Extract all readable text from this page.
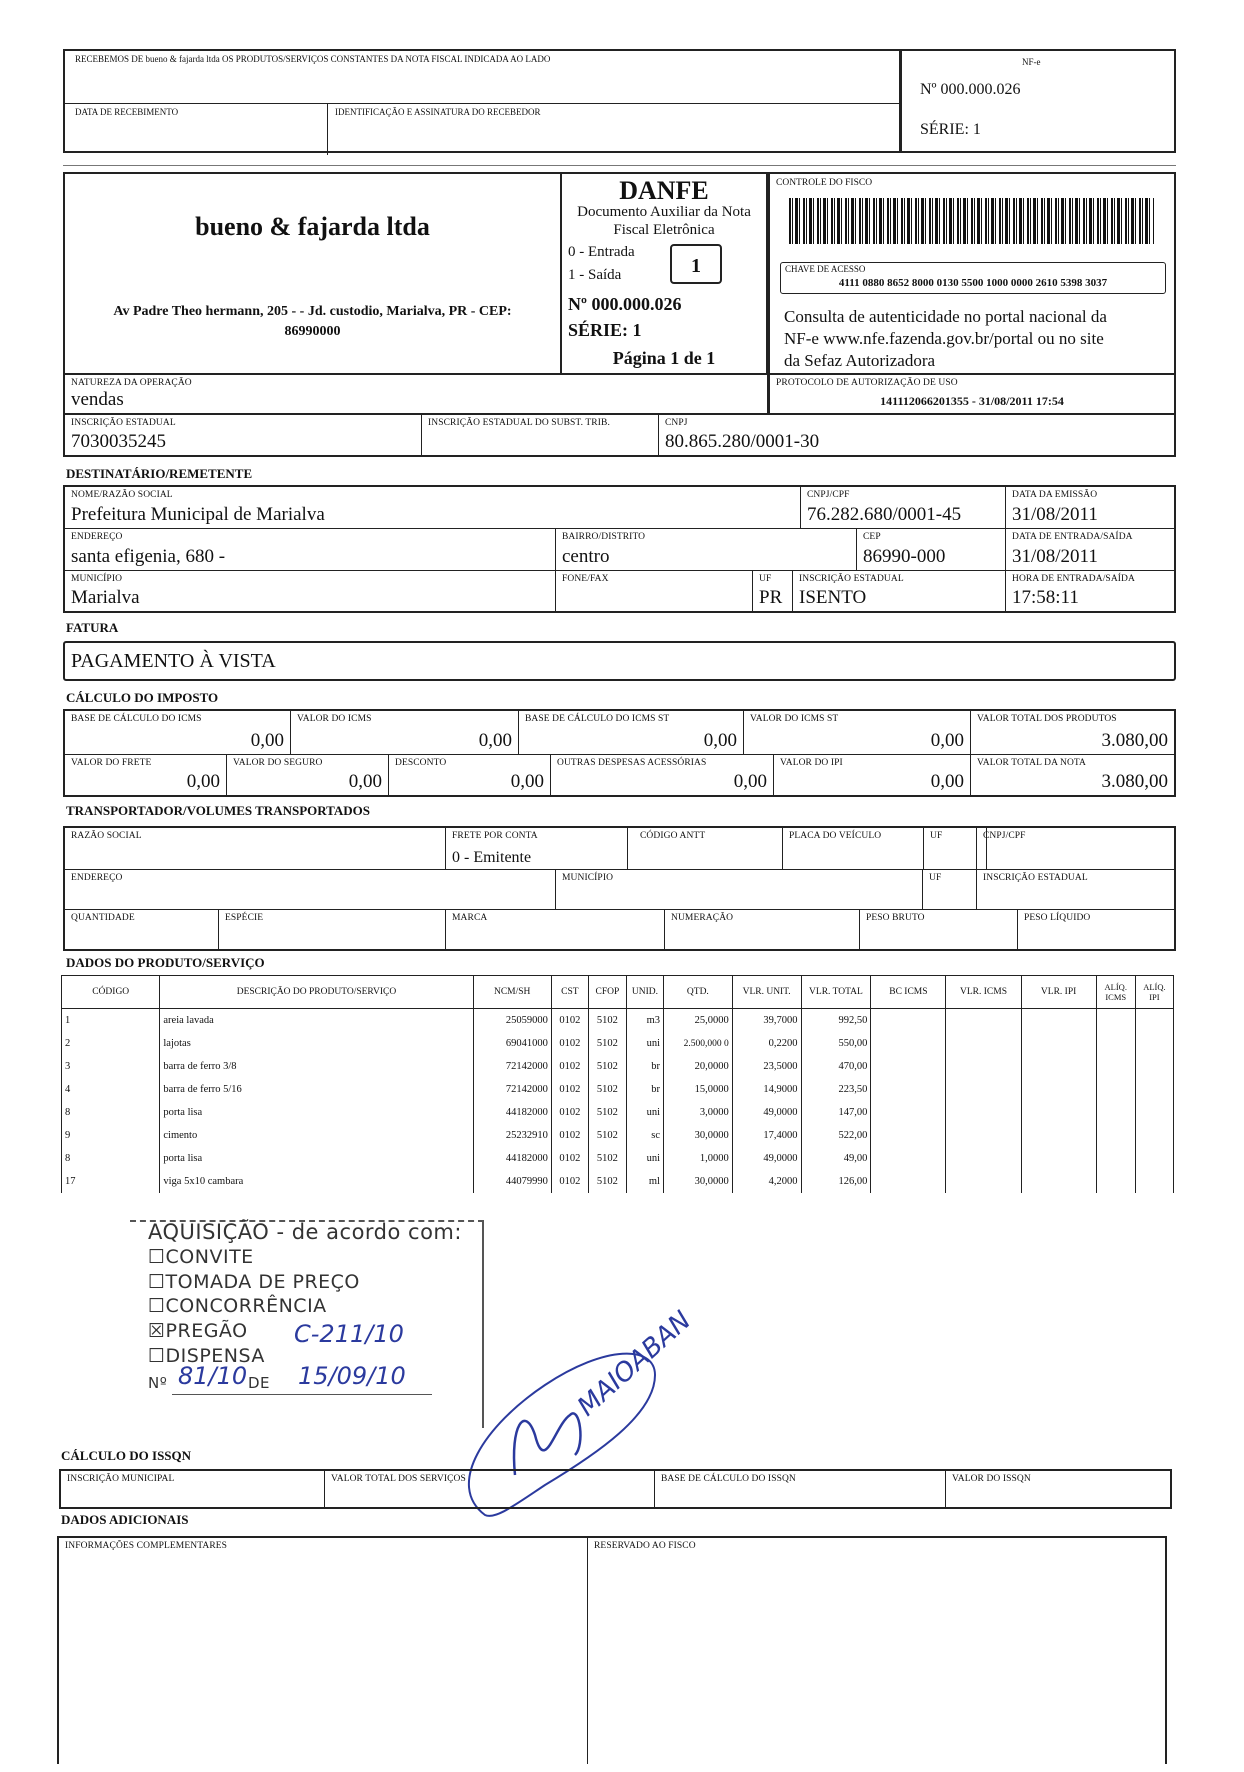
RECEBEMOS DE bueno & fajarda ltda OS PRODUTOS/SERVIÇOS CONSTANTES DA NOTA FISCAL INDICADA AO LADO
DATA DE RECEBIMENTO	IDENTIFICAÇÃO E ASSINATURA DO RECEBEDOR
NF-e
Nº 000.000.026
SÉRIE: 1
bueno & fajarda ltda
Av Padre Theo hermann, 205 - - Jd. custodio, Marialva, PR - CEP:
86990000
DANFE
Documento Auxiliar da Nota
Fiscal Eletrônica
0 - Entrada
1 - Saída	1
Nº 000.000.026
SÉRIE: 1
Página 1 de 1
CONTROLE DO FISCO
CHAVE DE ACESSO
4111 0880 8652 8000 0130 5500 1000 0000 2610 5398 3037
Consulta de autenticidade no portal nacional da
NF-e www.nfe.fazenda.gov.br/portal ou no site
da Sefaz Autorizadora
NATUREZA DA OPERAÇÃO
vendas
PROTOCOLO DE AUTORIZAÇÃO DE USO
141112066201355 - 31/08/2011 17:54
INSCRIÇÃO ESTADUAL
7030035245
INSCRIÇÃO ESTADUAL DO SUBST. TRIB.	CNPJ
80.865.280/0001-30
DESTINATÁRIO/REMETENTE
NOME/RAZÃO SOCIAL
Prefeitura Municipal de Marialva
CNPJ/CPF
76.282.680/0001-45
DATA DA EMISSÃO
31/08/2011
ENDEREÇO
santa efigenia, 680 -
BAIRRO/DISTRITO
centro
CEP
86990-000
DATA DE ENTRADA/SAÍDA
31/08/2011
MUNICÍPIO
Marialva
FONE/FAX	UF
PR
INSCRIÇÃO ESTADUAL
ISENTO
HORA DE ENTRADA/SAÍDA
17:58:11
FATURA
PAGAMENTO À VISTA
CÁLCULO DO IMPOSTO
BASE DE CÁLCULO DO ICMS
0,00
VALOR DO ICMS
0,00
BASE DE CÁLCULO DO ICMS ST
0,00
VALOR DO ICMS ST
0,00
VALOR TOTAL DOS PRODUTOS
3.080,00
VALOR DO FRETE
0,00
VALOR DO SEGURO
0,00
DESCONTO
0,00
OUTRAS DESPESAS ACESSÓRIAS
0,00
VALOR DO IPI
0,00
VALOR TOTAL DA NOTA
3.080,00
TRANSPORTADOR/VOLUMES TRANSPORTADOS
RAZÃO SOCIAL	FRETE POR CONTA
0 - Emitente
CÓDIGO ANTT	PLACA DO VEÍCULO	UF	CNPJ/CPF
ENDEREÇO	MUNICÍPIO	UF	INSCRIÇÃO ESTADUAL
QUANTIDADE	ESPÉCIE	MARCA	NUMERAÇÃO	PESO BRUTO	PESO LÍQUIDO
DADOS DO PRODUTO/SERVIÇO
CÓDIGO	DESCRIÇÃO DO PRODUTO/SERVIÇO	NCM/SH	CST	CFOP	UNID.	QTD.	VLR. UNIT.	VLR. TOTAL	BC ICMS	VLR. ICMS	VLR. IPI	ALÍQ. ICMS	ALÍQ. IPI
1	areia lavada	25059000	0102	5102	m3	25,0000	39,7000	992,50					
2	lajotas	69041000	0102	5102	uni	2.500,000 0	0,2200	550,00					
3	barra de ferro 3/8	72142000	0102	5102	br	20,0000	23,5000	470,00					
4	barra de ferro 5/16	72142000	0102	5102	br	15,0000	14,9000	223,50					
8	porta lisa	44182000	0102	5102	uni	3,0000	49,0000	147,00					
9	cimento	25232910	0102	5102	sc	30,0000	17,4000	522,00					
8	porta lisa	44182000	0102	5102	uni	1,0000	49,0000	49,00					
17	viga 5x10 cambara	44079990	0102	5102	ml	30,0000	4,2000	126,00					
AQUISIÇÃO - de acordo com:
☐CONVITE
☐TOMADA DE PREÇO
☐CONCORRÊNCIA
☒PREGÃO
☐DISPENSA
Nº	DE
C-211/10
81/10 15/09/10	MAIOABAN
CÁLCULO DO ISSQN
INSCRIÇÃO MUNICIPAL	VALOR TOTAL DOS SERVIÇOS	BASE DE CÁLCULO DO ISSQN	VALOR DO ISSQN
DADOS ADICIONAIS
INFORMAÇÕES COMPLEMENTARES	RESERVADO AO FISCO
